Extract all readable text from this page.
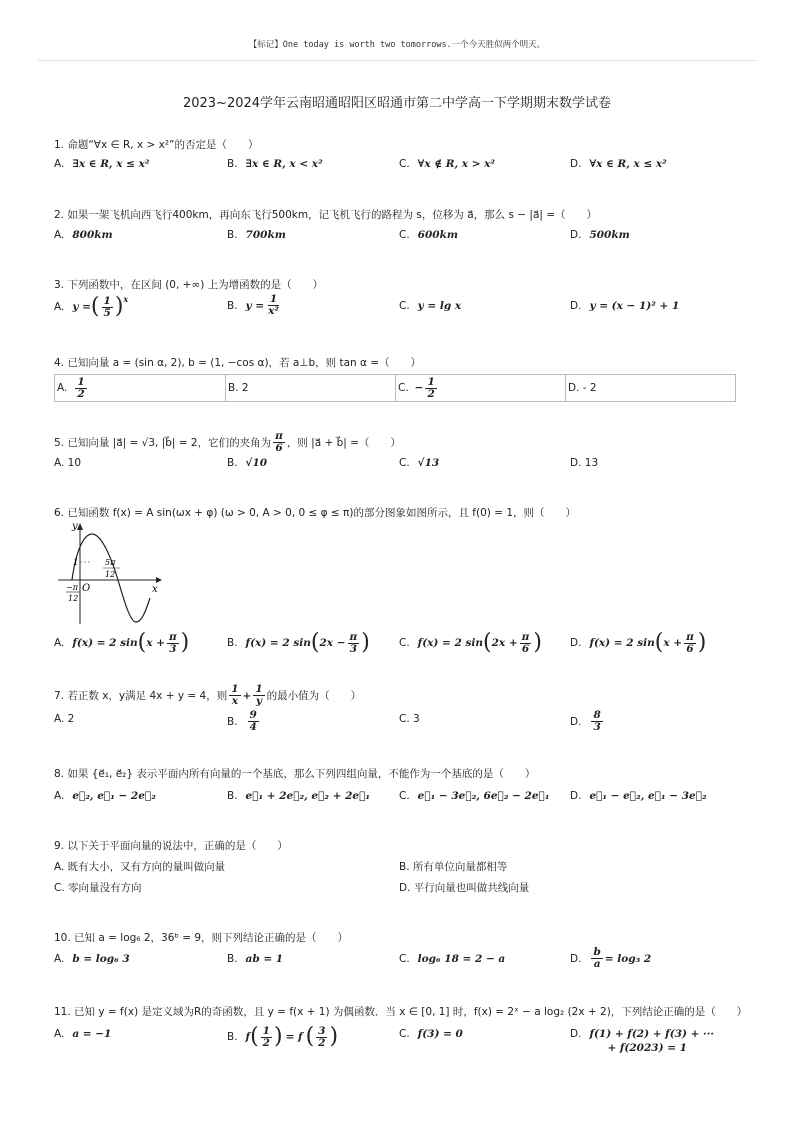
【标记】One today is worth two tomorrows.一个今天胜似两个明天。
2023~2024学年云南昭通昭阳区昭通市第二中学高一下学期期末数学试卷
1. 命题“∀x ∈ R, x > x²”的否定是（　　）
A. ∃x ∈ R, x ≤ x²	B. ∃x ∈ R, x < x²	C. ∀x ∉ R, x > x²	D. ∀x ∈ R, x ≤ x²
2. 如果一架飞机向西飞行400km，再向东飞行500km，记飞机飞行的路程为 s，位移为 a⃗，那么 s − |a⃗| =（　　）
A. 800km	B. 700km	C. 600km	D. 500km
3. 下列函数中，在区间 (0, +∞) 上为增函数的是（　　）
A. y = ( $\frac{1}{5} )^x$
B. $y = \frac{1}{\text{x²}}$	C. y = lg x	D. y = (x − 1)² + 1
4. 已知向量 a = (sin α, 2), b = (1, −cos α)，若 a⊥b，则 tan α =（　　）
A. $\frac{1}{2}$	B. 2	C. − $\frac{1}{2}$	D. - 2
5. 已知向量 |a⃗| = √3, |b⃗| = 2，它们的夹角为 $\frac{\pi}{6}$ ，则 |a⃗ + b⃗| =（　　）
A. 10	B. √10	C. √13	D. 13
6. 已知函数 f(x) = A sin(ωx + φ) (ω > 0, A > 0, 0 ≤ φ ≤ π)的部分图象如图所示，且 f(0) = 1，则（　　）
x
y
O
1
−π
12
5π
12
A. f(x) = 2 sin ( $x + \frac{\pi}{3}$ )	B. f(x) = 2 sin ( $2x - \frac{\pi}{3}$ )	C. f(x) = 2 sin ( $2x + \frac{\pi}{6}$ )	D. f(x) = 2 sin ( $x + \frac{\pi}{6}$ )
7. 若正数 x，y满足 4x + y = 4，则 $\frac{1}{x} + \frac{1}{y}$ 的最小值为（　　）
A. 2	B. $\frac{9}{4}$	C. 3	D. $\frac{8}{3}$
8. 如果 {e⃗₁, e⃗₂} 表示平面内所有向量的一个基底，那么下列四组向量，不能作为一个基底的是（　　）
A. e⃗₂, e⃗₁ − 2e⃗₂	B. e⃗₁ + 2e⃗₂, e⃗₂ + 2e⃗₁	C. e⃗₁ − 3e⃗₂, 6e⃗₂ − 2e⃗₁ D. e⃗₁ − e⃗₂, e⃗₁ − 3e⃗₂
9. 以下关于平面向量的说法中，正确的是（　　）
A. 既有大小，又有方向的量叫做向量	B. 所有单位向量都相等
C. 零向量没有方向	D. 平行向量也叫做共线向量
10. 已知 a = log₆ 2，36ᵇ = 9，则下列结论正确的是（　　）
A. b = log₆ 3	B. ab = 1	C. log₆ 18 = 2 − a	D. $\frac{b}{a} = \log_3$ 2
11. 已知 y = f(x) 是定义域为R的奇函数，且 y = f(x + 1) 为偶函数．当 x ∈ [0, 1] 时，f(x) = 2ˣ − a log₂ (2x + 2)，下列结论正确的是（　　）
A. a = −1	B. f ( $\frac{1}{2}$ ) = f ( $\frac{3}{2}$ )	C. f(3) = 0	D. f(1) + f(2) + f(3) + ···
+ f(2023) = 1
